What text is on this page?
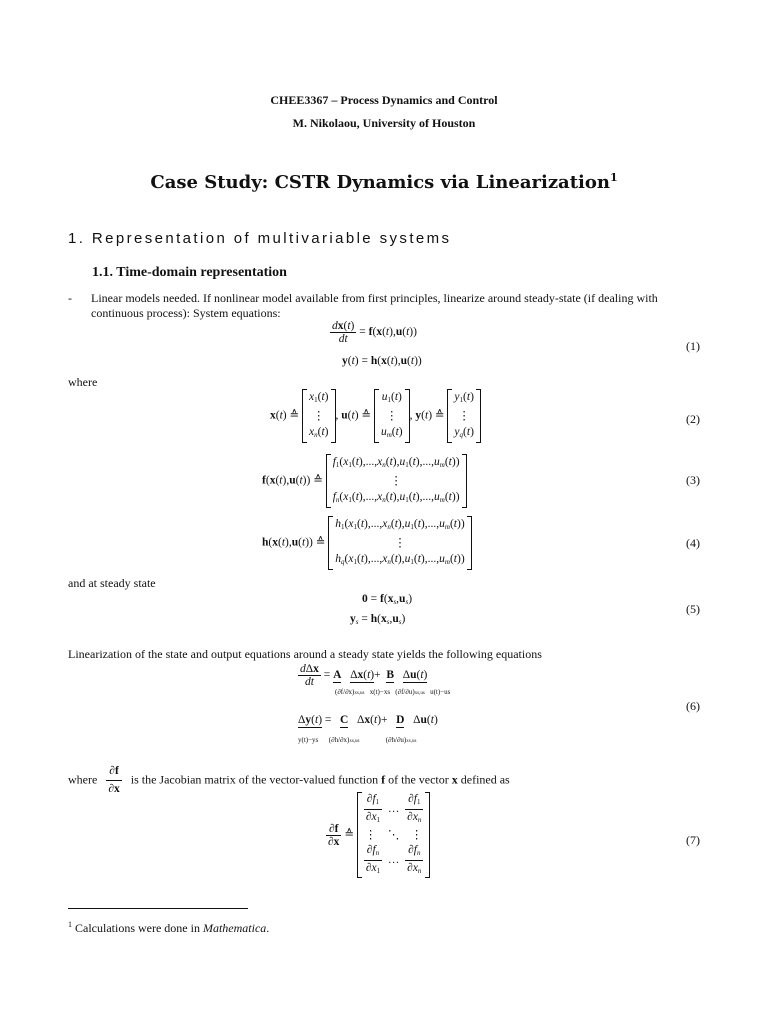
CHEE3367 – Process Dynamics and Control
M. Nikolaou, University of Houston
Case Study: CSTR Dynamics via Linearization$^1$
1. Representation of multivariable systems
1.1. Time-domain representation
- Linear models needed. If nonlinear model available from first principles, linearize around steady-state (if dealing with
continuous process): System equations:
$\frac{dx(t)}{dt} = f(x(t),u(t))$
y(t) = h(x(t),u(t))
(1)
where
x(t) ≙
$x_1(t)$
⋮
$x_n(t)$
, u(t) ≙
$u_1(t)$
⋮
$u_m(t)$
, y(t) ≙
$y_1(t)$
⋮
$y_q(t)$
(2)
f(x(t),u(t)) ≙
$f_1(x_1(t),...,x_n(t),u_1(t),...,u_m(t))$
⋮
$f_n(x_1(t),...,x_n(t),u_1(t),...,u_m(t))$
(3)
h(x(t),u(t)) ≙
$h_1(x_1(t),...,x_n(t),u_1(t),...,u_m(t))$
⋮
$h_q(x_1(t),...,x_n(t),u_1(t),...,u_m(t))$
(4)
and at steady state
$0 = f(x_s,u_s)$
$y_s = h(x_s,u_s)$
(5)
Linearization of the state and output equations around a steady state yields the following equations
$\frac{\text{dΔx}}{dt} = A$ Δx(t)+  B Δu(t)
(∂f/∂x)xs,us   x(t)−xs   (∂f/∂u)xs,us   u(t)−us
Δy(t) =   C   Δx(t)+   D   Δu(t)
y(t)−ys      (∂h/∂x)xs,us               (∂h/∂u)xs,us
(6)
where $\frac{\partial f}{\partial x}$ is the Jacobian matrix of the vector-valued function f of the vector x defined as
$\frac{\partial f}{\partial x}$ ≙
$\frac{\partial f_1}{\partial x_1}$ … $\frac{\partial f_1}{\partial x_n}$
⋮    ⋱    ⋮
$\frac{\partial f_n}{\partial x_1}$ … $\frac{\partial f_n}{\partial x_n}$
(7)
$^1$ Calculations were done in Mathematica.
